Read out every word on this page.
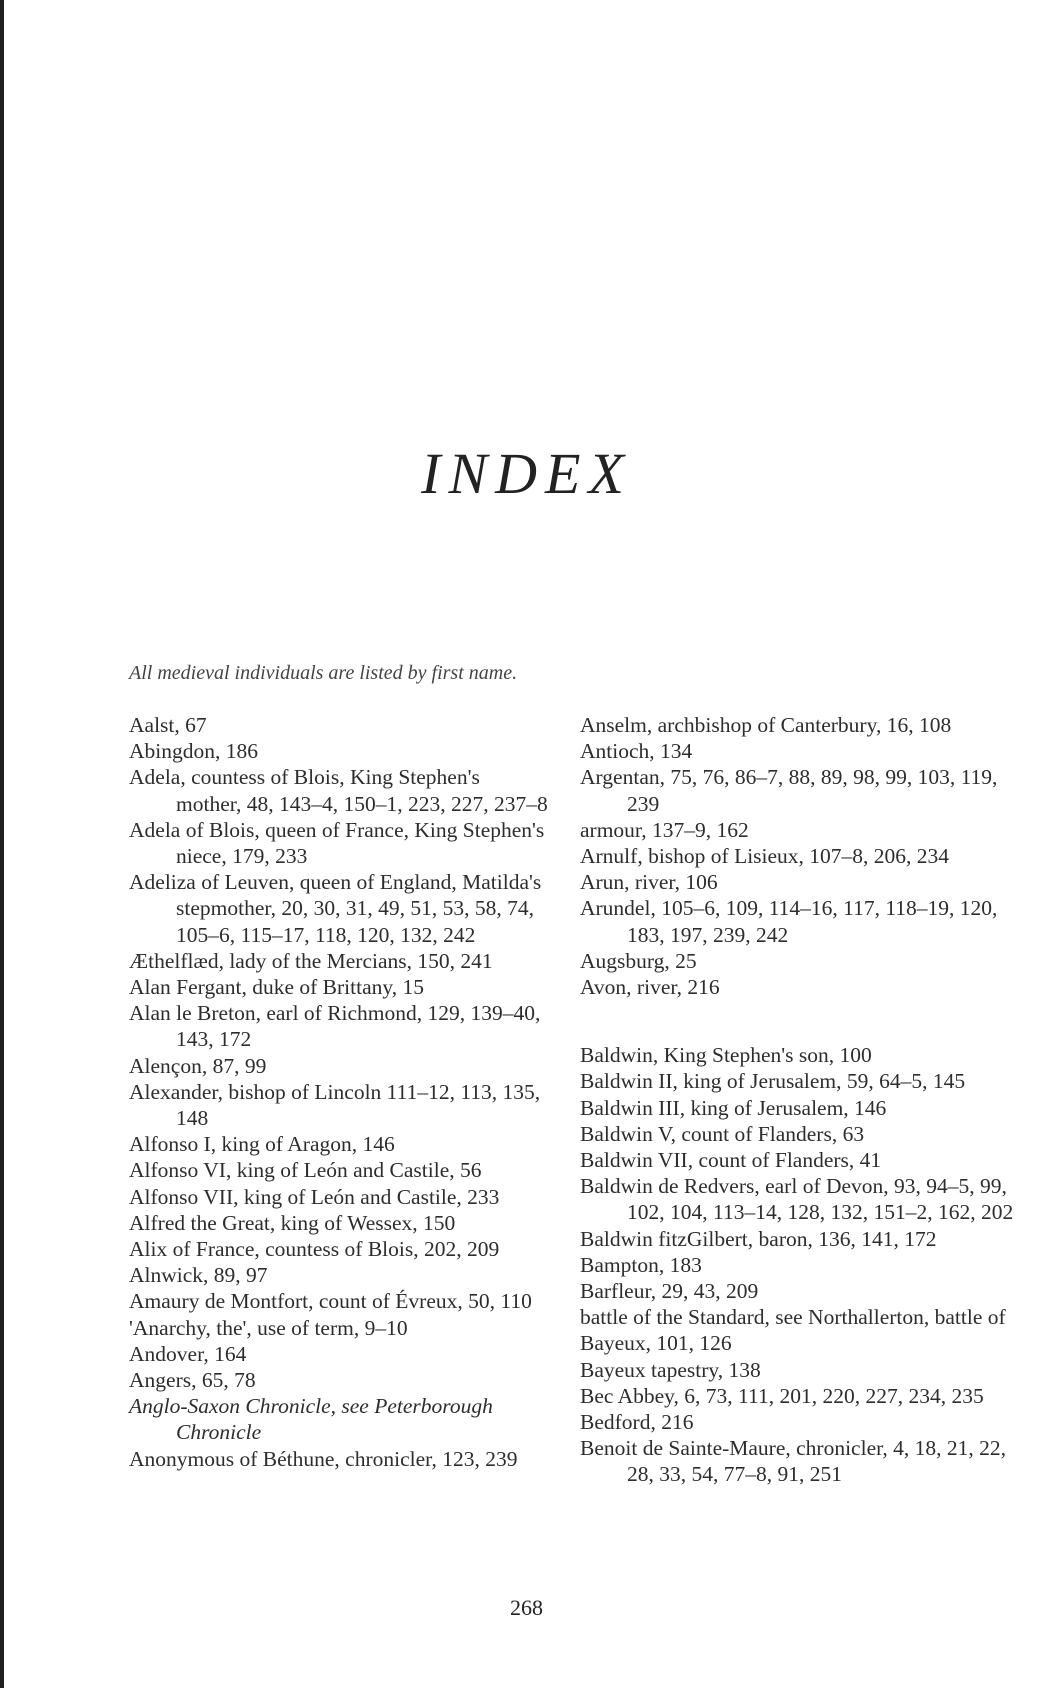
INDEX
All medieval individuals are listed by first name.
Aalst, 67
Abingdon, 186
Adela, countess of Blois, King Stephen's mother, 48, 143–4, 150–1, 223, 227, 237–8
Adela of Blois, queen of France, King Stephen's niece, 179, 233
Adeliza of Leuven, queen of England, Matilda's stepmother, 20, 30, 31, 49, 51, 53, 58, 74, 105–6, 115–17, 118, 120, 132, 242
Æthelflæd, lady of the Mercians, 150, 241
Alan Fergant, duke of Brittany, 15
Alan le Breton, earl of Richmond, 129, 139–40, 143, 172
Alençon, 87, 99
Alexander, bishop of Lincoln 111–12, 113, 135, 148
Alfonso I, king of Aragon, 146
Alfonso VI, king of León and Castile, 56
Alfonso VII, king of León and Castile, 233
Alfred the Great, king of Wessex, 150
Alix of France, countess of Blois, 202, 209
Alnwick, 89, 97
Amaury de Montfort, count of Évreux, 50, 110
'Anarchy, the', use of term, 9–10
Andover, 164
Angers, 65, 78
Anglo-Saxon Chronicle, see Peterborough Chronicle
Anonymous of Béthune, chronicler, 123, 239
Anselm, archbishop of Canterbury, 16, 108
Antioch, 134
Argentan, 75, 76, 86–7, 88, 89, 98, 99, 103, 119, 239
armour, 137–9, 162
Arnulf, bishop of Lisieux, 107–8, 206, 234
Arun, river, 106
Arundel, 105–6, 109, 114–16, 117, 118–19, 120, 183, 197, 239, 242
Augsburg, 25
Avon, river, 216
Baldwin, King Stephen's son, 100
Baldwin II, king of Jerusalem, 59, 64–5, 145
Baldwin III, king of Jerusalem, 146
Baldwin V, count of Flanders, 63
Baldwin VII, count of Flanders, 41
Baldwin de Redvers, earl of Devon, 93, 94–5, 99, 102, 104, 113–14, 128, 132, 151–2, 162, 202
Baldwin fitzGilbert, baron, 136, 141, 172
Bampton, 183
Barfleur, 29, 43, 209
battle of the Standard, see Northallerton, battle of
Bayeux, 101, 126
Bayeux tapestry, 138
Bec Abbey, 6, 73, 111, 201, 220, 227, 234, 235
Bedford, 216
Benoit de Sainte-Maure, chronicler, 4, 18, 21, 22, 28, 33, 54, 77–8, 91, 251
268
